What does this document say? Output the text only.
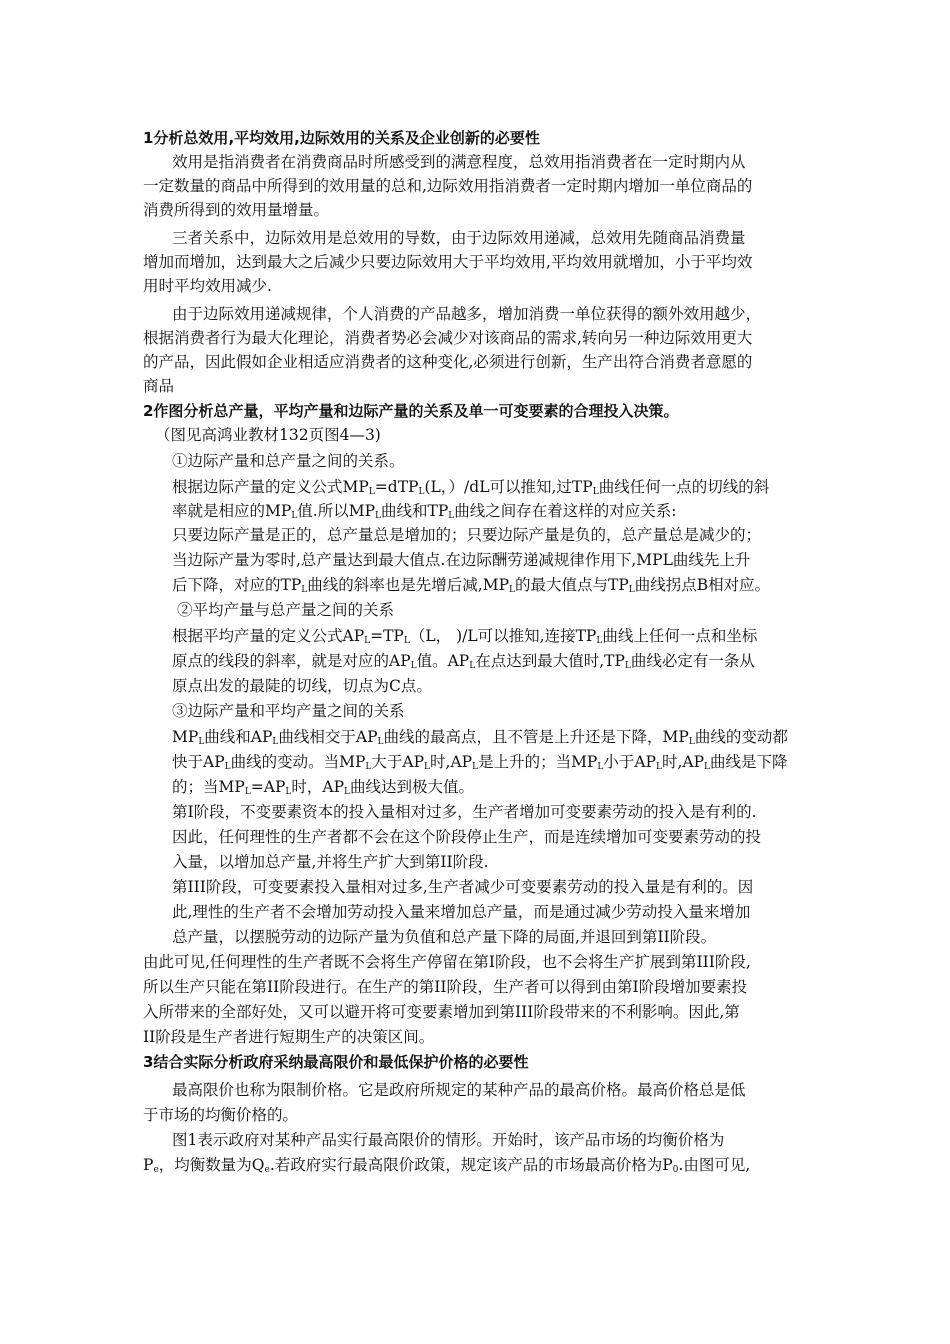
1分析总效用,平均效用,边际效用的关系及企业创新的必要性
效用是指消费者在消费商品时所感受到的满意程度，总效用指消费者在一定时期内从
一定数量的商品中所得到的效用量的总和,边际效用指消费者一定时期内增加一单位商品的
消费所得到的效用量增量。
三者关系中，边际效用是总效用的导数，由于边际效用递减，总效用先随商品消费量
增加而增加，达到最大之后减少只要边际效用大于平均效用,平均效用就增加，小于平均效
用时平均效用减少.
由于边际效用递减规律，个人消费的产品越多，增加消费一单位获得的额外效用越少，
根据消费者行为最大化理论，消费者势必会减少对该商品的需求,转向另一种边际效用更大
的产品，因此假如企业相适应消费者的这种变化,必须进行创新，生产出符合消费者意愿的
商品
2作图分析总产量，平均产量和边际产量的关系及单一可变要素的合理投入决策。
（图见高鸿业教材132页图4—3)
①边际产量和总产量之间的关系。
根据边际产量的定义公式$MP_L=dTP_L(L$，）/dL可以推知,过$TP_L$曲线任何一点的切线的斜
率就是相应的$MP_L$值.所以$MP_L$曲线和$TP_L$曲线之间存在着这样的对应关系:
只要边际产量是正的，总产量总是增加的；只要边际产量是负的，总产量总是减少的；
当边际产量为零时,总产量达到最大值点.在边际酬劳递减规律作用下,MPL曲线先上升
后下降，对应的$TP_L$曲线的斜率也是先增后减$,MP_L$的最大值点与$TP_L$曲线拐点B相对应。
②平均产量与总产量之间的关系
根据平均产量的定义公式$AP_L=TP_L(L$， )/L可以推知,连接$TP_L$曲线上任何一点和坐标
原点的线段的斜率，就是对应的$AP_L$值。$AP_L$在点达到最大值时$,TP_L$曲线必定有一条从
原点出发的最陡的切线，切点为C点。
③边际产量和平均产量之间的关系
$MP_L$曲线和$AP_L$曲线相交于$AP_L$曲线的最高点，且不管是上升还是下降，$MP_L$曲线的变动都
快于$AP_L$曲线的变动。当$MP_L$大于$AP_L$时$,AP_L$是上升的；当$MP_L$小于$AP_L$时$,AP_L$曲线是下降
的；当$MP_L=AP_L$时，$AP_L$曲线达到极大值。
第I阶段，不变要素资本的投入量相对过多，生产者增加可变要素劳动的投入是有利的.
因此，任何理性的生产者都不会在这个阶段停止生产，而是连续增加可变要素劳动的投
入量，以增加总产量,并将生产扩大到第II阶段.
第III阶段，可变要素投入量相对过多,生产者减少可变要素劳动的投入量是有利的。因
此,理性的生产者不会增加劳动投入量来增加总产量，而是通过减少劳动投入量来增加
总产量，以摆脱劳动的边际产量为负值和总产量下降的局面,并退回到第II阶段。
由此可见,任何理性的生产者既不会将生产停留在第I阶段，也不会将生产扩展到第III阶段,
所以生产只能在第II阶段进行。在生产的第II阶段，生产者可以得到由第I阶段增加要素投
入所带来的全部好处，又可以避开将可变要素增加到第III阶段带来的不利影响。因此,第
II阶段是生产者进行短期生产的决策区间。
3结合实际分析政府采纳最高限价和最低保护价格的必要性
最高限价也称为限制价格。它是政府所规定的某种产品的最高价格。最高价格总是低
于市场的均衡价格的。
图1表示政府对某种产品实行最高限价的情形。开始时，该产品市场的均衡价格为
$P_e$，均衡数量为$Q_e$.若政府实行最高限价政策，规定该产品的市场最高价格为$P_0$.由图可见,
